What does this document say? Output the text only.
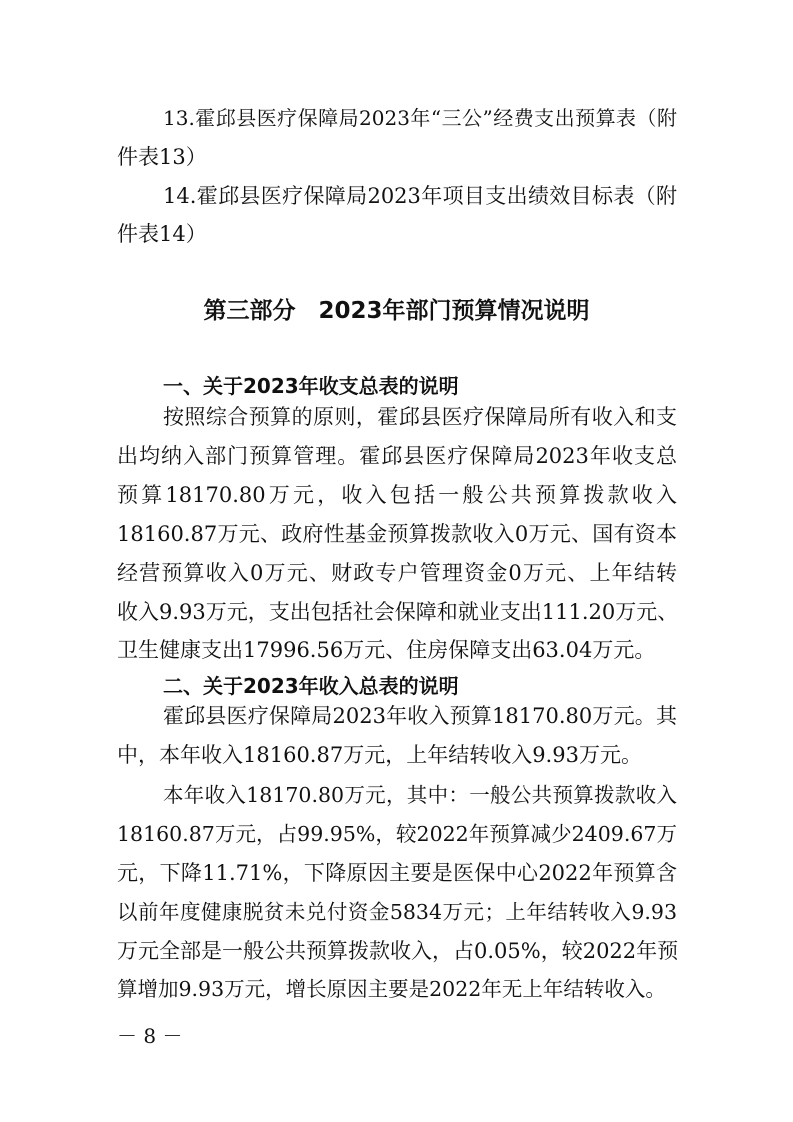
13.霍邱县医疗保障局2023年“三公”经费支出预算表（附
件表13）
14.霍邱县医疗保障局2023年项目支出绩效目标表（附
件表14）
第三部分　2023年部门预算情况说明
一、关于2023年收支总表的说明
按照综合预算的原则，霍邱县医疗保障局所有收入和支
出均纳入部门预算管理。霍邱县医疗保障局2023年收支总
预算18170.80万元，收入包括一般公共预算拨款收入
18160.87万元、政府性基金预算拨款收入0万元、国有资本
经营预算收入0万元、财政专户管理资金0万元、上年结转
收入9.93万元，支出包括社会保障和就业支出111.20万元、
卫生健康支出17996.56万元、住房保障支出63.04万元。
二、关于2023年收入总表的说明
霍邱县医疗保障局2023年收入预算18170.80万元。其
中，本年收入18160.87万元，上年结转收入9.93万元。
本年收入18170.80万元，其中：一般公共预算拨款收入
18160.87万元，占99.95%，较2022年预算减少2409.67万
元，下降11.71%，下降原因主要是医保中心2022年预算含
以前年度健康脱贫未兑付资金5834万元；上年结转收入9.93
万元全部是一般公共预算拨款收入，占0.05%，较2022年预
算增加9.93万元，增长原因主要是2022年无上年结转收入。
－ 8 －
